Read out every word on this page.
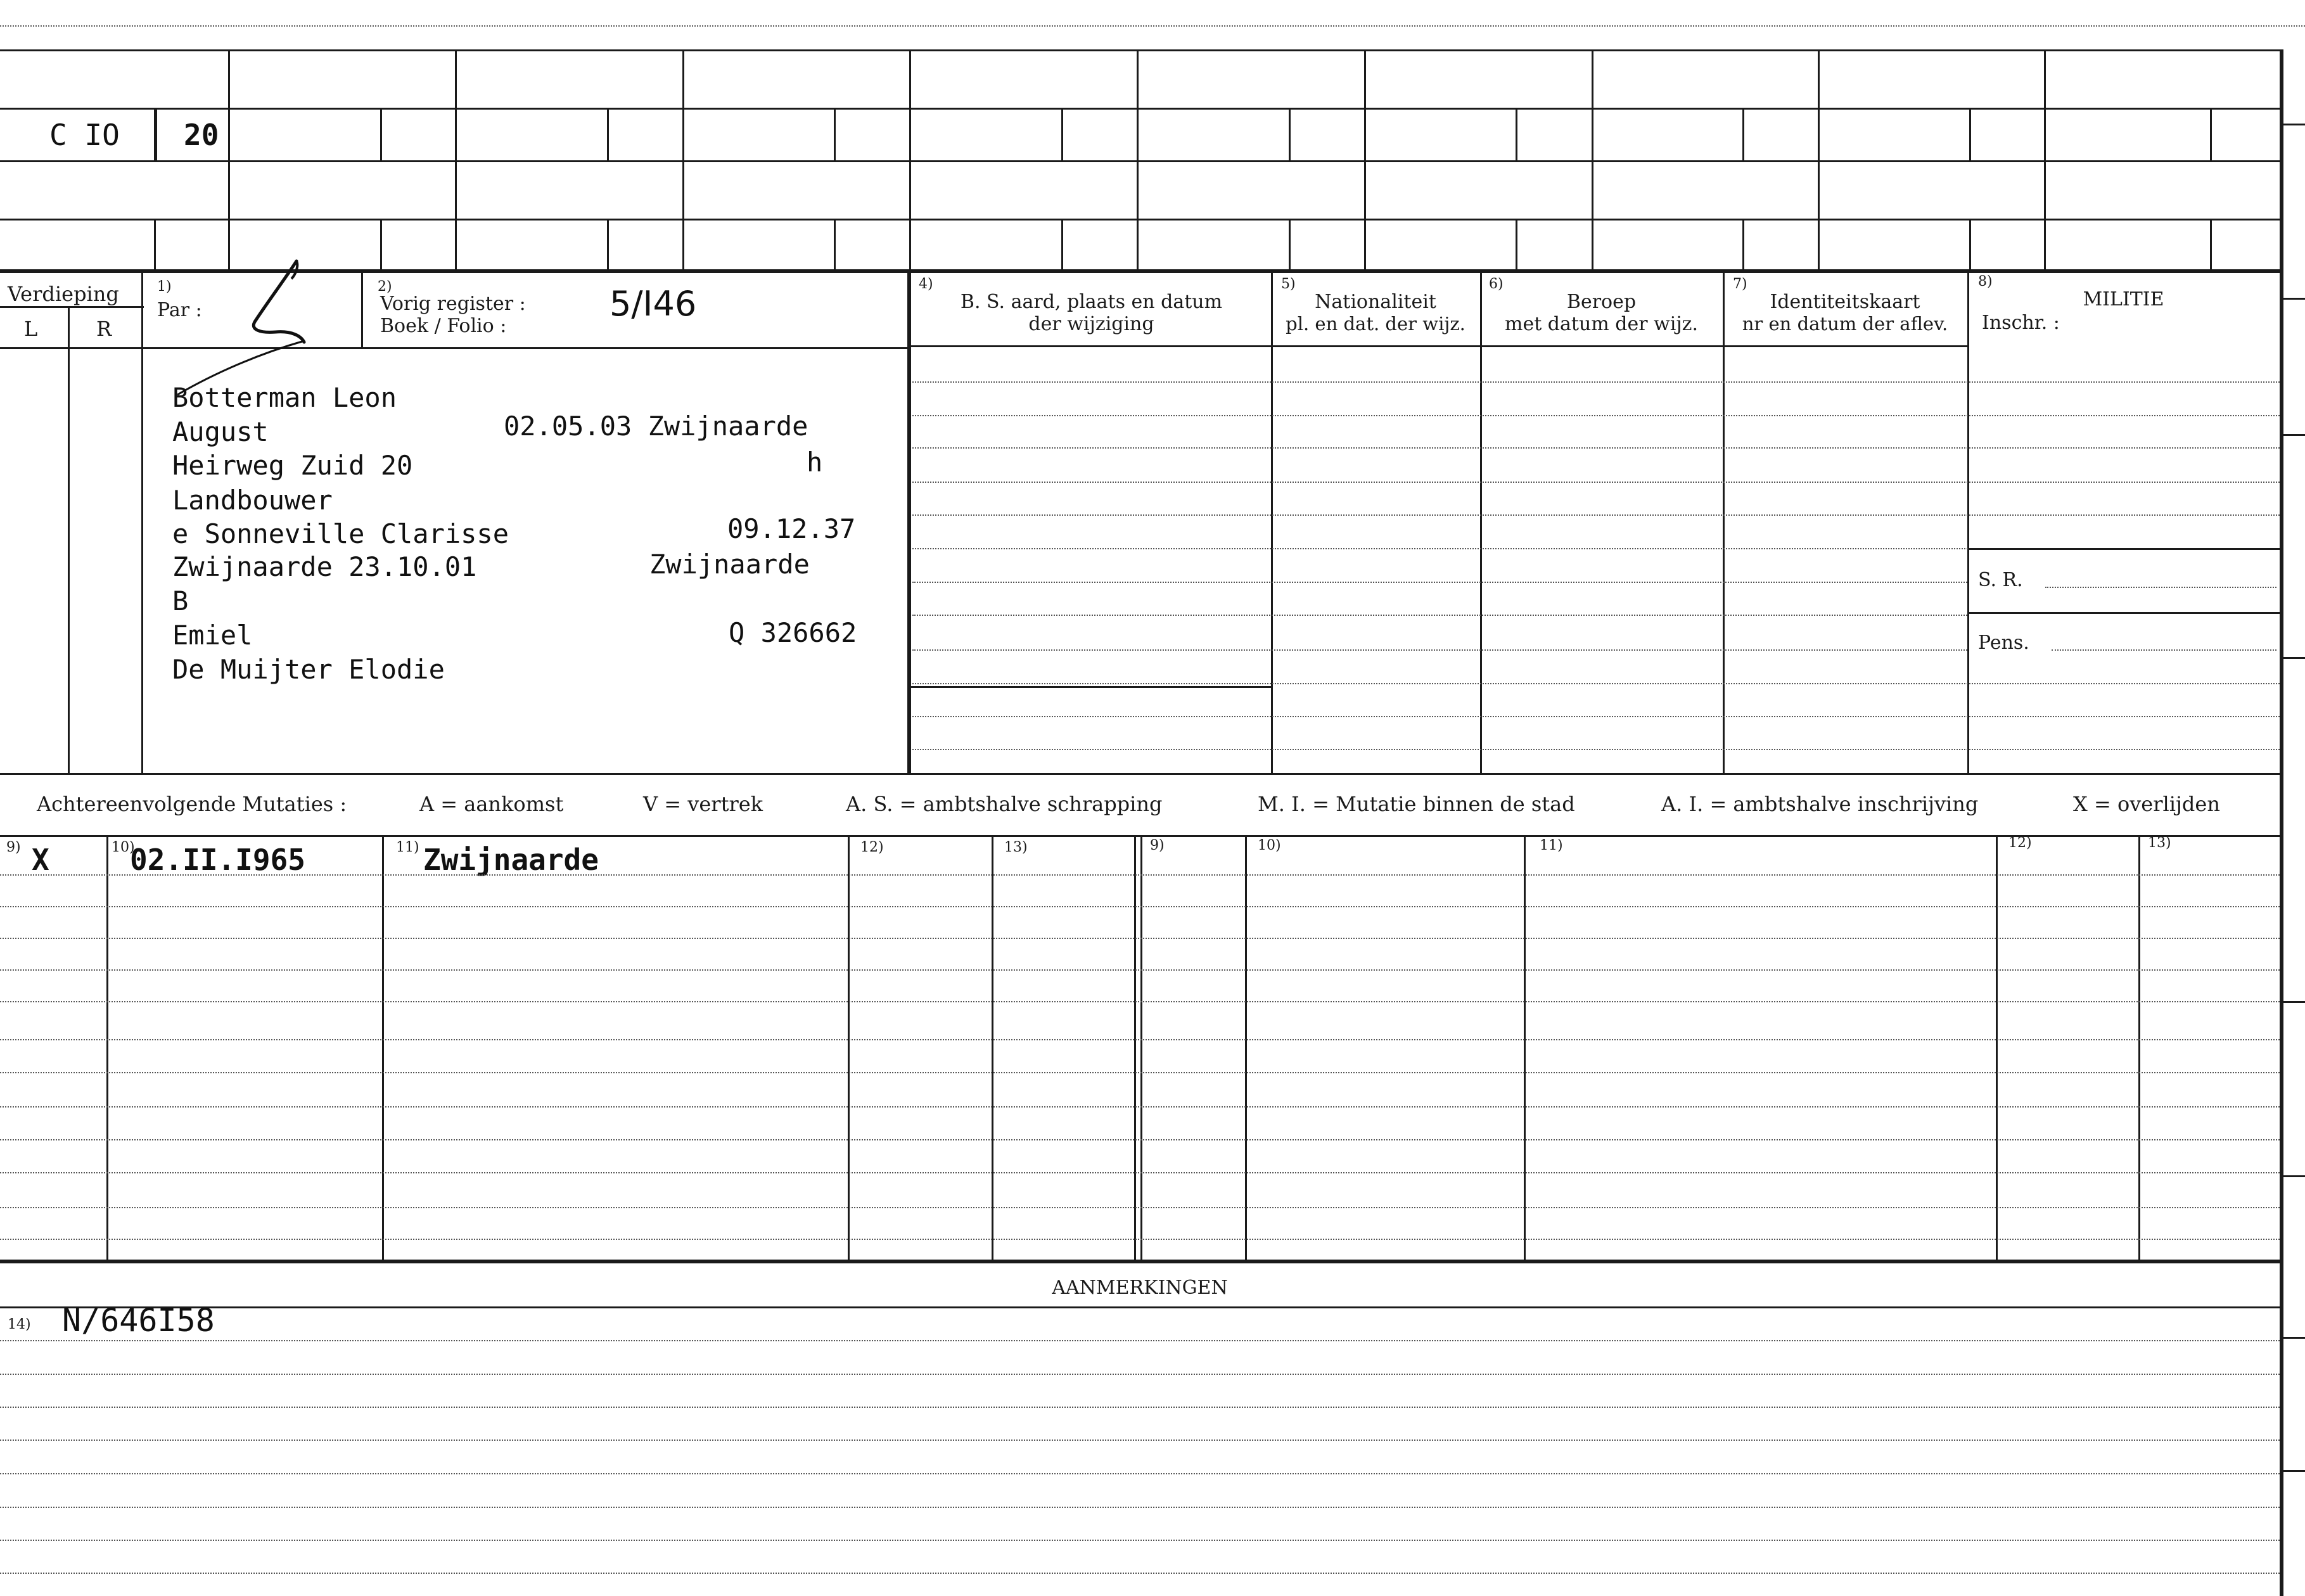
C IO 20
Verdieping
L	R
1)
Par :
2)
Vorig register :
Boek / Folio :
5/I46	4)
B. S. aard, plaats en datum
der wijziging
5)
Nationaliteit
pl. en dat. der wijz.
6)
Beroep
met datum der wijz.
7)
Identiteitskaart
nr en datum der aflev.
8)
MILITIE
Inschr. :
Botterman Leon
August	02.05.03 Zwijnaarde
Heirweg Zuid 20	h
Landbouwer
e Sonneville Clarisse	09.12.37
Zwijnaarde 23.10.01	Zwijnaarde
B
Emiel	Q 326662
De Muijter Elodie
S. R.
Pens.
Achtereenvolgende Mutaties :	A = aankomst	V = vertrek	A. S. = ambtshalve schrapping	M. I. = Mutatie binnen de stad	A. I. = ambtshalve inschrijving	X = overlijden
9)	10)	11)	12)	13)	9)	10)	11)	12)	13)
X	02.II.I965	Zwijnaarde
AANMERKINGEN
14) N/646I58
